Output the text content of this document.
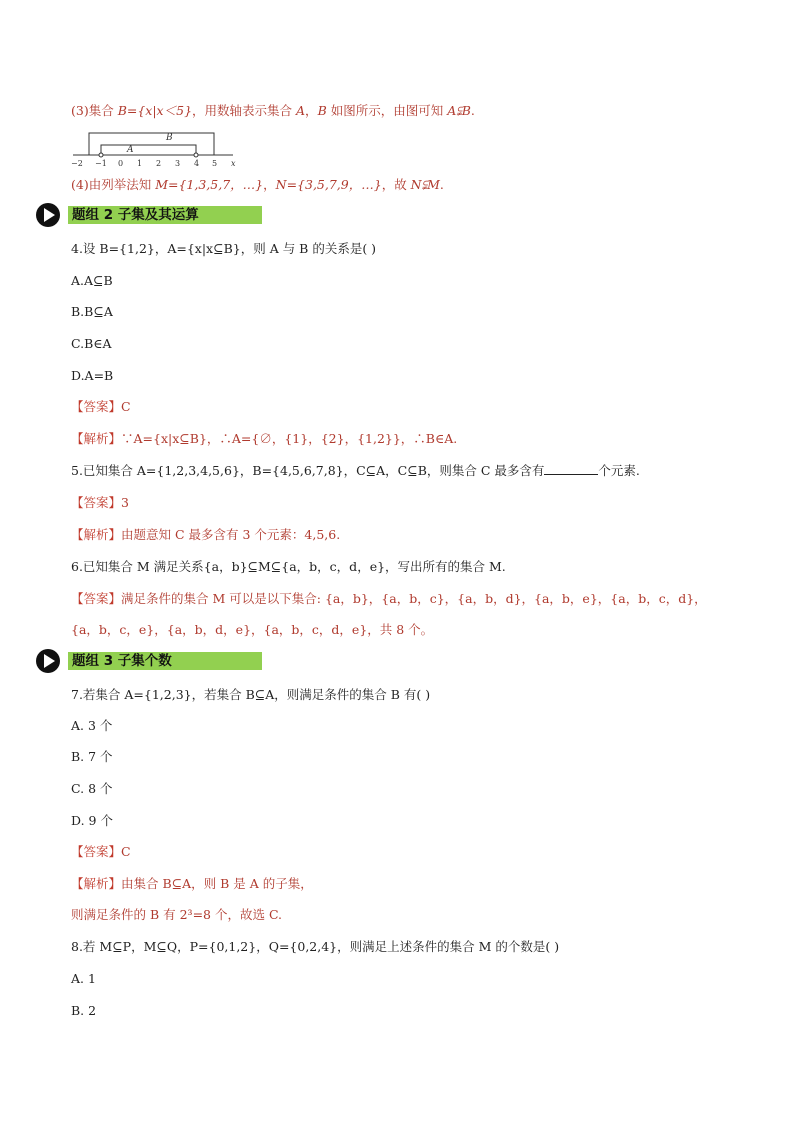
(3)集合 B={x|x＜5}，用数轴表示集合 A，B 如图所示，由图可知 A⫋B.
B
A
−2 −1 0 1 2 3 4 5 x
(4)由列举法知 M={1,3,5,7，…}，N={3,5,7,9，…}，故 N⫋M.
题组 2 子集及其运算
4.设 B={1,2}，A={x|x⊆B}，则 A 与 B 的关系是( )
A.A⊆B
B.B⊆A
C.B∈A
D.A=B
【答案】C
【解析】∵A={x|x⊆B}，∴A={∅，{1}，{2}，{1,2}}，∴B∈A.
5.已知集合 A={1,2,3,4,5,6}，B={4,5,6,7,8}，C⊆A，C⊆B，则集合 C 最多含有	个元素.
【答案】3
【解析】由题意知 C 最多含有 3 个元素：4,5,6.
6.已知集合 M 满足关系{a，b}⊆M⊆{a，b，c，d，e}，写出所有的集合 M.
【答案】满足条件的集合 M 可以是以下集合: {a，b}，{a，b，c}，{a，b，d}，{a，b，e}，{a，b，c，d}，
{a，b，c，e}，{a，b，d，e}，{a，b，c，d，e}，共 8 个。
题组 3 子集个数
7.若集合 A={1,2,3}，若集合 B⊆A，则满足条件的集合 B 有( )
A. 3 个
B. 7 个
C. 8 个
D. 9 个
【答案】C
【解析】由集合 B⊆A，则 B 是 A 的子集，
则满足条件的 B 有 2³=8 个，故选 C.
8.若 M⊆P，M⊆Q，P={0,1,2}，Q={0,2,4}，则满足上述条件的集合 M 的个数是( )
A. 1
B. 2
